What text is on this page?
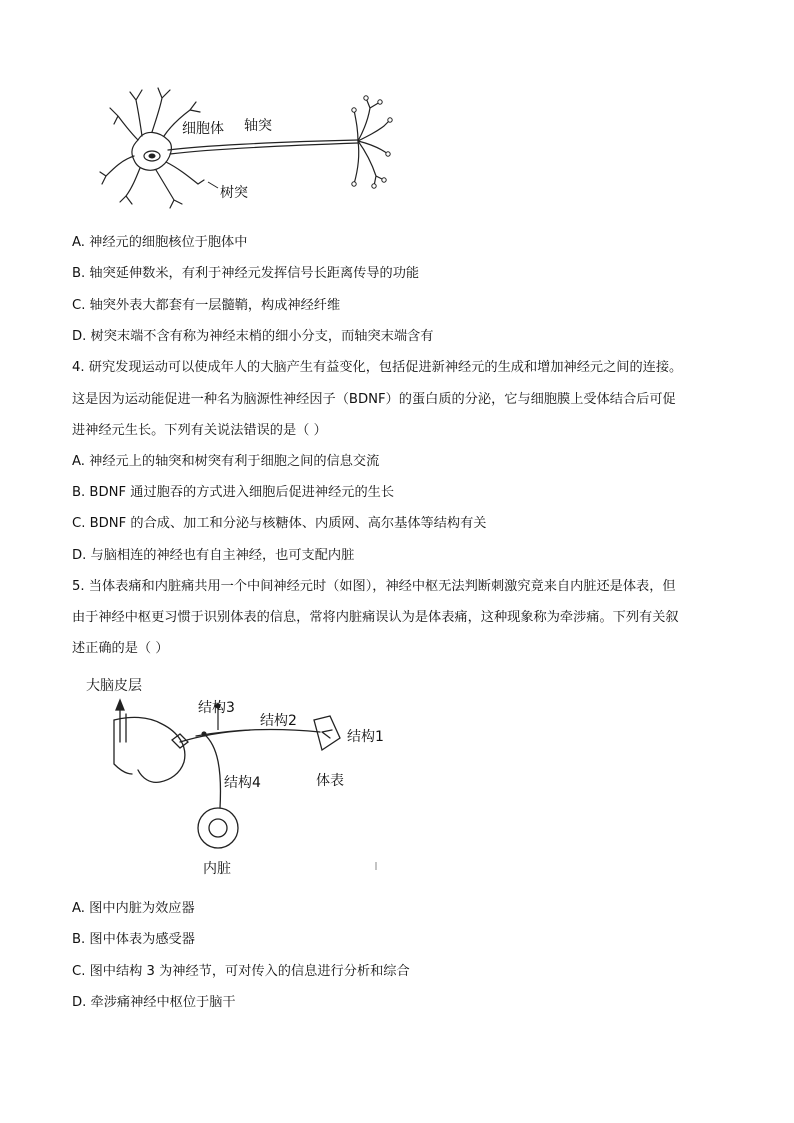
细胞体 轴突
树突
A. 神经元的细胞核位于胞体中
B. 轴突延伸数米，有利于神经元发挥信号长距离传导的功能
C. 轴突外表大都套有一层髓鞘，构成神经纤维
D. 树突末端不含有称为神经末梢的细小分支，而轴突末端含有
4. 研究发现运动可以使成年人的大脑产生有益变化，包括促进新神经元的生成和增加神经元之间的连接。
这是因为运动能促进一种名为脑源性神经因子（BDNF）的蛋白质的分泌，它与细胞膜上受体结合后可促
进神经元生长。下列有关说法错误的是（ ）
A. 神经元上的轴突和树突有利于细胞之间的信息交流
B. BDNF 通过胞吞的方式进入细胞后促进神经元的生长
C. BDNF 的合成、加工和分泌与核糖体、内质网、高尔基体等结构有关
D. 与脑相连的神经也有自主神经，也可支配内脏
5. 当体表痛和内脏痛共用一个中间神经元时（如图），神经中枢无法判断刺激究竟来自内脏还是体表，但
由于神经中枢更习惯于识别体表的信息，常将内脏痛误认为是体表痛，这种现象称为牵涉痛。下列有关叙
述正确的是（ ）
大脑皮层
结构3
结构2
结构1
结构4	体表
内脏
A. 图中内脏为效应器
B. 图中体表为感受器
C. 图中结构 3 为神经节，可对传入的信息进行分析和综合
D. 牵涉痛神经中枢位于脑干
